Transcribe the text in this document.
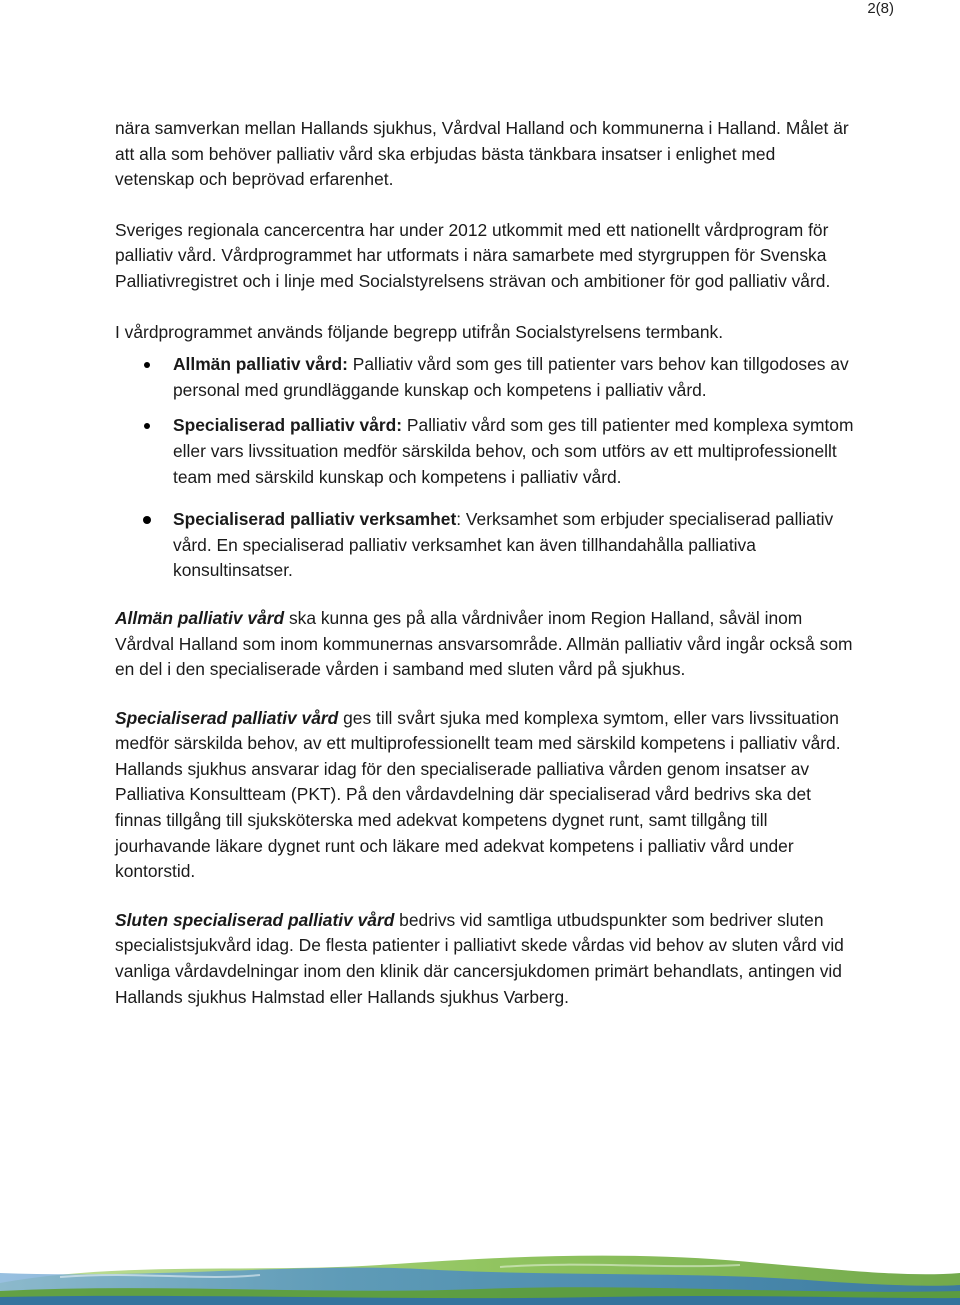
2(8)

nära samverkan mellan Hallands sjukhus, Vårdval Halland och kommunerna i Halland. Målet är att alla som behöver palliativ vård ska erbjudas bästa tänkbara insatser i enlighet med vetenskap och beprövad erfarenhet.

Sveriges regionala cancercentra har under 2012 utkommit med ett nationellt vårdprogram för palliativ vård. Vårdprogrammet har utformats i nära samarbete med styrgruppen för Svenska Palliativregistret och i linje med Socialstyrelsens strävan och ambitioner för god palliativ vård.

I vårdprogrammet används följande begrepp utifrån Socialstyrelsens termbank.

Allmän palliativ vård: Palliativ vård som ges till patienter vars behov kan tillgodoses av personal med grundläggande kunskap och kompetens i palliativ vård.
Specialiserad palliativ vård: Palliativ vård som ges till patienter med komplexa symtom eller vars livssituation medför särskilda behov, och som utförs av ett multiprofessionellt team med särskild kunskap och kompetens i palliativ vård.
Specialiserad palliativ verksamhet: Verksamhet som erbjuder specialiserad palliativ vård. En specialiserad palliativ verksamhet kan även tillhandahålla palliativa konsultinsatser.

Allmän palliativ vård ska kunna ges på alla vårdnivåer inom Region Halland, såväl inom Vårdval Halland som inom kommunernas ansvarsområde. Allmän palliativ vård ingår också som en del i den specialiserade vården i samband med sluten vård på sjukhus.

Specialiserad palliativ vård ges till svårt sjuka med komplexa symtom, eller vars livssituation medför särskilda behov, av ett multiprofessionellt team med särskild kompetens i palliativ vård. Hallands sjukhus ansvarar idag för den specialiserade palliativa vården genom insatser av Palliativa Konsultteam (PKT). På den vårdavdelning där specialiserad vård bedrivs ska det finnas tillgång till sjuksköterska med adekvat kompetens dygnet runt, samt tillgång till jourhavande läkare dygnet runt och läkare med adekvat kompetens i palliativ vård under kontorstid.

Sluten specialiserad palliativ vård bedrivs vid samtliga utbudspunkter som bedriver sluten specialistsjukvård idag. De flesta patienter i palliativt skede vårdas vid behov av sluten vård vid vanliga vårdavdelningar inom den klinik där cancersjukdomen primärt behandlats, antingen vid Hallands sjukhus Halmstad eller Hallands sjukhus Varberg.
